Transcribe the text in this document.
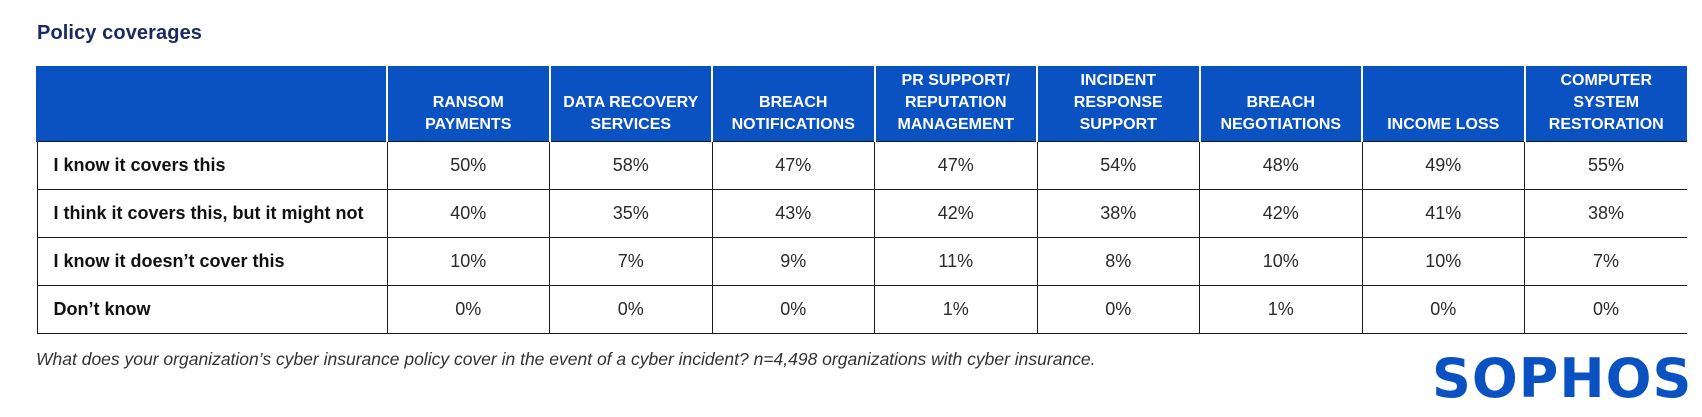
Policy coverages
	RANSOM PAYMENTS	DATA RECOVERY SERVICES	BREACH NOTIFICATIONS	PR SUPPORT/ REPUTATION MANAGEMENT	INCIDENT RESPONSE SUPPORT	BREACH NEGOTIATIONS	INCOME LOSS	COMPUTER SYSTEM RESTORATION
I know it covers this	50%	58%	47%	47%	54%	48%	49%	55%
I think it covers this, but it might not	40%	35%	43%	42%	38%	42%	41%	38%
I know it doesn’t cover this	10%	7%	9%	11%	8%	10%	10%	7%
Don’t know	0%	0%	0%	1%	0%	1%	0%	0%
What does your organization’s cyber insurance policy cover in the event of a cyber incident? n=4,498 organizations with cyber insurance.	SOPHOS
